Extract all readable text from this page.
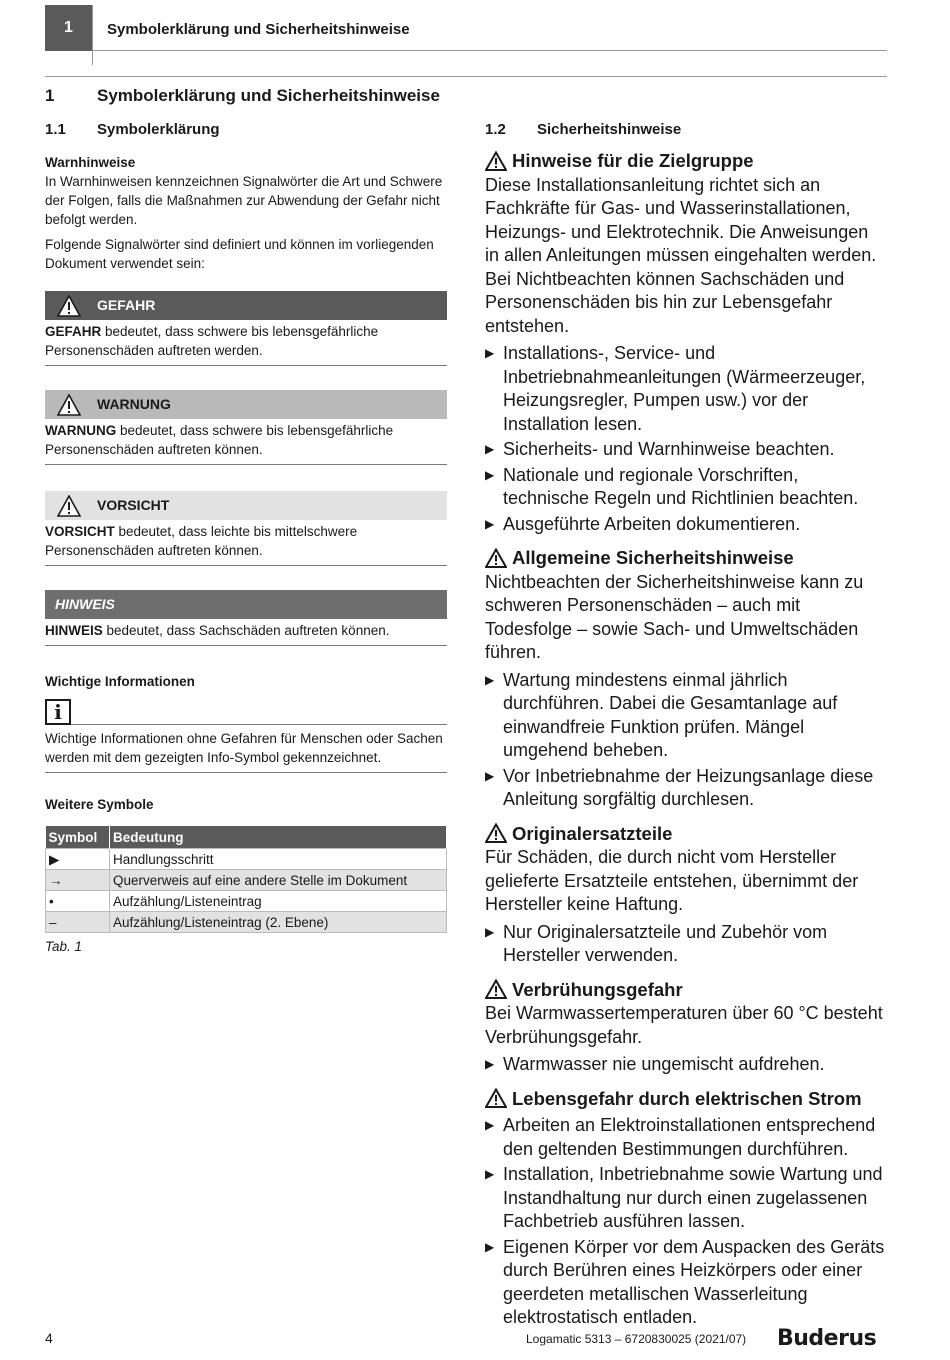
1	Symbolerklärung und Sicherheitshinweise
1	Symbolerklärung und Sicherheitshinweise
1.1 Symbolerklärung
Warnhinweise
In Warnhinweisen kennzeichnen Signalwörter die Art und Schwere der Folgen, falls die Maßnahmen zur Abwendung der Gefahr nicht befolgt werden.
Folgende Signalwörter sind definiert und können im vorliegenden Dokument verwendet sein:
GEFAHR
GEFAHR bedeutet, dass schwere bis lebensgefährliche Personenschäden auftreten werden.
WARNUNG
WARNUNG bedeutet, dass schwere bis lebensgefährliche Personenschäden auftreten können.
VORSICHT
VORSICHT bedeutet, dass leichte bis mittelschwere Personenschäden auftreten können.
HINWEIS
HINWEIS bedeutet, dass Sachschäden auftreten können.
Wichtige Informationen
i
Wichtige Informationen ohne Gefahren für Menschen oder Sachen werden mit dem gezeigten Info-Symbol gekennzeichnet.
Weitere Symbole
Symbol	Bedeutung
▶	Handlungsschritt
→	Querverweis auf eine andere Stelle im Dokument
•	Aufzählung/Listeneintrag
–	Aufzählung/Listeneintrag (2. Ebene)
Tab. 1
1.2 Sicherheitshinweise
Hinweise für die Zielgruppe

Diese Installationsanleitung richtet sich an Fachkräfte für Gas- und Wasserinstallationen, Heizungs- und Elektrotechnik. Die Anweisungen in allen Anleitungen müssen eingehalten werden. Bei Nichtbeachten können Sachschäden und Personenschäden bis hin zur Lebensgefahr entstehen.

▶ Installations-, Service- und Inbetriebnahmeanleitungen (Wärmeerzeuger, Heizungsregler, Pumpen usw.) vor der Installation lesen.
▶ Sicherheits- und Warnhinweise beachten.
▶ Nationale und regionale Vorschriften, technische Regeln und Richtlinien beachten.
▶ Ausgeführte Arbeiten dokumentieren.
Allgemeine Sicherheitshinweise

Nichtbeachten der Sicherheitshinweise kann zu schweren Personenschäden – auch mit Todesfolge – sowie Sach- und Umweltschäden führen.

▶ Wartung mindestens einmal jährlich durchführen. Dabei die Gesamtanlage auf einwandfreie Funktion prüfen. Mängel umgehend beheben.
▶ Vor Inbetriebnahme der Heizungsanlage diese Anleitung sorgfältig durchlesen.
Originalersatzteile

Für Schäden, die durch nicht vom Hersteller gelieferte Ersatzteile entstehen, übernimmt der Hersteller keine Haftung.

▶ Nur Originalersatzteile und Zubehör vom Hersteller verwenden.
Verbrühungsgefahr

Bei Warmwassertemperaturen über 60 °C besteht Verbrühungsgefahr.

▶ Warmwasser nie ungemischt aufdrehen.
Lebensgefahr durch elektrischen Strom
▶ Arbeiten an Elektroinstallationen entsprechend den geltenden Bestimmungen durchführen.
▶ Installation, Inbetriebnahme sowie Wartung und Instandhaltung nur durch einen zugelassenen Fachbetrieb ausführen lassen.
▶ Eigenen Körper vor dem Auspacken des Geräts durch Berühren eines Heizkörpers oder einer geerdeten metallischen Wasserleitung elektrostatisch entladen.
4	Logamatic 5313 – 6720830025 (2021/07) Buderus
